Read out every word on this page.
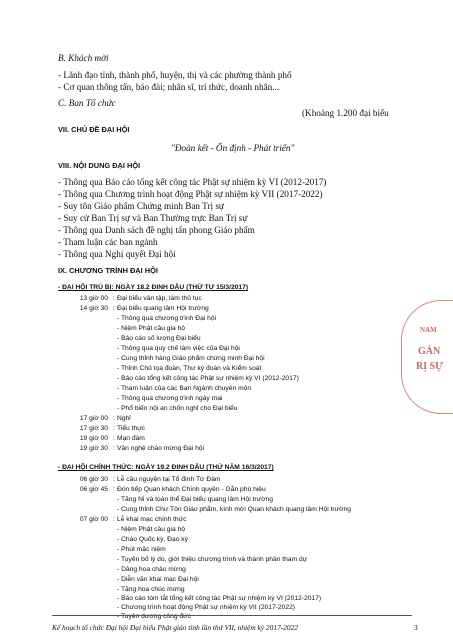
B. Khách mời
- Lãnh đạo tỉnh, thành phố, huyện, thị và các phường thành phố
- Cơ quan thông tấn, báo đài; nhân sĩ, trí thức, doanh nhân...
C. Ban Tổ chức
(Khoảng 1.200 đại biểu
VII. CHỦ ĐỀ ĐẠI HỘI
"Đoàn kết - Ổn định - Phát triển"
VIII. NỘI DUNG ĐẠI HỘI
- Thông qua Báo cáo tổng kết công tác Phật sự nhiệm kỳ VI (2012-2017)
- Thông qua Chương trình hoạt động Phật sự nhiệm kỳ VII (2017-2022)
- Suy tôn Giáo phẩm Chứng minh Ban Trị sự
- Suy cử Ban Trị sự và Ban Thường trực Ban Trị sự
- Thông qua Danh sách đề nghị tấn phong Giáo phẩm
- Tham luận các ban ngành
- Thông qua Nghị quyết Đại hội
IX. CHƯƠNG TRÌNH ĐẠI HỘI
- ĐẠI HỘI TRÙ BỊ: NGÀY 18.2 ĐINH DẬU (THỨ TƯ 15/3/2017)
13 giờ 00 : Đại biểu vân tập, làm thủ tục
14 giờ 30 : Đại biểu quang lâm Hội trường
- Thông qua chương trình Đại hội
- Niệm Phật cầu gia hộ
- Báo cáo số lượng Đại biểu
- Thông qua quy chế làm việc của Đại hội
- Cung thỉnh hàng Giáo phẩm chứng minh Đại hội
- Thỉnh Chủ tọa đoàn, Thư ký đoàn và Kiểm soát
- Báo cáo tổng kết công tác Phật sự nhiệm kỳ VI (2012-2017)
- Tham luận của các Ban Ngành chuyên môn
- Thông qua chương trình ngày mai
- Phổ biến nội an chốn nghỉ cho Đại biểu
17 giờ 00 : Nghỉ
17 giờ 30 : Tiểu thực
19 giờ 00 : Mạn đàm
19 giờ 30 : Văn nghệ chào mừng Đại hội
- ĐẠI HỘI CHÍNH THỨC: NGÀY 19.2 ĐINH DẬU (THỨ NĂM 16/3/2017)
06 giờ 30 : Lễ cầu nguyện tại Tổ đình Từ Đàm
06 giờ 45 : Đón tiếp Quan khách Chính quyền - Gắn phù hiệu
- Tăng Ni và toàn thể Đại biểu quang lâm Hội trường
- Cung thỉnh Chư Tôn Giáo phẩm, kính mời Quan khách quang lâm Hội trường
07 giờ 00 : Lễ khai mạc chính thức
- Niệm Phật cầu gia hộ
- Chào Quốc kỳ, Đạo kỳ
- Phút mặc niệm
- Tuyên bố lý do, giới thiệu chương trình và thành phần tham dự
- Dâng hoa chào mừng
- Diễn văn khai mạc Đại hội
- Tặng hoa chúc mừng
- Báo cáo tóm tắt tổng kết công tác Phật sự nhiệm kỳ VI (2012-2017)
- Chương trình hoạt động Phật sự nhiệm kỳ VII (2017-2022)
- Tuyên dương công đức
Kế hoạch tổ chức Đại hội Đại biểu Phật giáo tỉnh lần thứ VII, nhiệm kỳ 2017-2022	3
NAM
GÁN
RỊ SỰ
